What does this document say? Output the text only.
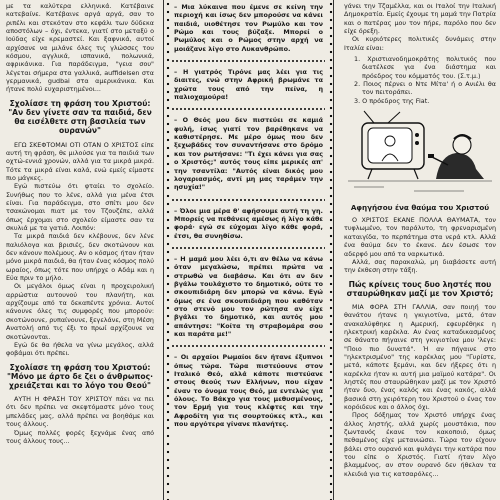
με τα καλύτερα ελληνικά. Κατέβαινε κατεβαίνε. Κατέβαινε αργά αργά, σαν το ριπέλι και στεκόταν στο κεφάλι των δύδεκα αποστόλων – όχι, έντεκα, γιατί στο μεταξύ ο Ιούδας είχε κρεμαστεί. Και ξαφνικά, αυτοί αρχίσανε να μιλάνε όλες τις γλώσσες του κόσμου, αγγλικά, ισπανικά, πολωνικά, αφρικάνικα. Για παράδειγμα, "γεια σου" λέγεται σήμερα στα γαλλικά, auffidelsen στα γερμανικά, gudbai στα αμερικάνικα. Και ήτανε πολύ ευχαριστημένοι...

Σχολίασε τη φράση του Χριστού: "Αν δεν γίνετε σαν τα παιδιά, δεν θα εισέλθετε στη βασιλεία των ουρανών"

ΕΓΩ ΣΚΕΦΤΟΜΑΙ ΟΤΙ ΟΤΑΝ Ο ΧΡΙΣΤΟΣ είπε αυτή τη φράση, θε μιλούσε για τα παιδιά των οχτώ-εννιά χρονών, αλλά για τα μικρά μικρά. Τότε τα μικρά είναι καλά, ενώ εμείς είμαστε πιο μάγκες.

Εγώ πιστεύω ότι φταίει το σχολείο. Συνήθως που το λένε, αλλά για μένα έτσι είναι. Για παράδειγμα, στο σπίτι μου δεν τσακώνομαι πιατ με τον Τζουζέπε, αλλά όπως έρχομαι στο σχολείο είμαστε σαν τα σκυλιά με τα γατιά. Λοιπόν:

Τα μικρά παιδιά δεν κλέβουνε, δεν λένε παλιόλογα και βρισιές, δεν σκοτώνουν και δεν κάνουν πολέμους. Αν ο κόσμος ήταν ήταν μόνο μικρά παιδιά, θα ήταν ένας κόσμος πολύ ωραίος, όπως τότε που υπήρχε ο Αδάμ και η Εύα πριν το μήλο.

Οι μεγάλοι όμως είναι η προχειρολική αρρώστια αυτουνού του πλανήτη, και αρχίζουμε από τα δεκαπέντε χρόνια. Αυτοί κάνουνε όλες τις συμφορές που μπορούν: σκοτώνουνε, ρυπαίνουνε, ξεγελάνε, στη Μέση Ανατολή από τις έξι το πρωί αρχίζουνε να σκοτώνονται.

Εγώ δε θα ήθελα να γίνω μεγάλος, αλλά φοβάμαι ότι πρέπει.

Σχολίασε τη φράση του Χριστού: "Μόνο με άρτο δε ζει ο άνθρωπος· χρειάζεται και το λόγο του Θεού"

ΑΥΤΗ Η ΦΡΑΣΗ ΤΟΥ ΧΡΙΣΤΟΥ πάει να πει ότι δεν πρέπει να σκεφτόμαστε μόνο τους μπελάδες μας, αλλά πρέπει να βοηθάμε και τους άλλους.

Όμως πολλές φορές ξεχνάμε ένας από τους άλλους τους...

– Μια λύκαινα που έμενε σε κείνη την περιοχή και ίσως δεν μπορούσε να κάνει παιδιά, υιοθέτησε τον Ρωμύλο και τον Ρώμο και τους βύζαξε. Μπορεί ο Ρωμύλος και ο Ρώμος στην αρχή να μοιάζανε λίγο στο Λυκανθρώπο.

– Η γιατρός Τιρόνε μας λέει για τις διαιτες, ενώ στην Αφρική βρωμάνε τα χρώτα τους από την πείνα, η παλιοχαμούρα!

– Ο Θεός μου δεν πιστεύει σε καμιά φυλή, ίσως γιατί τον βαρέθηκανε να καθιστέρησε. Με μέρο όμως που δεν ξεχωβάδες τον συναντήσανε στο δρόμο και τον ρωτήσανε: "Τι έχει κάνει για σας ο Χριστός;" αυτός τους είπε μερικές απ' την τσαντίλα: "Αυτός είναι δικός μου λογαριασμός, αντί μη μας ταράμεν την ησυχία!"

– Όλοι μια μέρα θ' αφήσουμε αυτή τη γη. Μπορείς να πεθάνεις αμέσως ή λίγο κάθε φορά· εγώ σε εύχομαι λίγο κάθε φορά, έτσι, θα συνηθίσω.

– Η μαμά μου λέει ό,τι αν θέλω να κάνω όταν μεγαλώσω, πρέπει πρώτα να στρωθώ να διαβάσω. Και ότι αν δεν βγάλω τουλάχιστο το δημοτικό, ούτε το σκουπιδιάρη δεν μπορώ να κάνω. Εγώ όμως σε ένα σκουπιδιάρη που καθόταν στο στενό μου τον ρώτησα αν είχε βγάλει το δημοτικό, και αυτός μου απάντησε: "Κοίτα τη στραβομάρα σου και παράτα με!"

– Οι αρχαίοι Ρωμαίοι δεν ήτανε έξυπνοι όπως τώρα. Τώρα πιστεύουνε στον Ιταλικό Θεό, αλλά κάποτε πιστεύανε στους θεούς των Ελλήνων, που είχαν έναν το όνομα τους Θεό, μα εντελώς για όλους. Το Βάκχο για τους μεθυσμένους, τον Ερμή για τους κλέφτες και την Αφροδίτη για τις σουρτούκες κτλ., και που αργότερα γίνανε πλανήτες.

γάνει την Τζαμέλλα, και οι Ιταλοί την Ιταλική Δημοκρατία. Εμείς έχουμε τη μαμά την Πατρία και ο πατέρας μου τον πήρε, παρόλο που δεν είχε όρεξη.

Οι κυριότερες πολιτικές δυνάμεις στην Ιταλία είναι:

1. Χριστιανοδημοκράτης πολιτικός που διατέλεσε για ένα διάστημα και πρόεδρος του κόμματός του. (Σ.τ.μ.)

2. Ποιος πέρνει ο Ντε Μίτα' ή ο Ανιέλι θα τον πειτοράπει.

3. Ο πρόεδρος της Fiat.

Αφηγήσου ένα θαύμα του Χριστού

Ο ΧΡΙΣΤΟΣ ΕΚΑΝΕ ΠΟΛΛΑ ΘΑΥΜΑΤΑ, τον τυφλωμένο, τον παράλυτο, τη φρεναρισμένη καταιγίδα, το περπάτημα στα νερά κτλ. Αλλά ένα θαύμα δεν το έκανε. Δεν έσωσε τον αδερφό μου από τα ναρκωτικά.

Αλλά, σας παρακαλώ, μη διαβάσετε αυτή την έκθεση στην τάξη.

Πώς κρίνεις τους δυο ληστές που σταυρώθηκαν μαζί με τον Χριστό;

ΜΙΑ ΦΟΡΑ ΣΤΗ ΓΑΛΛΙΑ, σαν ποιηή του θανάτου ήτανε η γκιγιοτίνα, μετά, όταν ανακαλύφθηκε η Αμερική, εφευρέθηκε η ηλεκτρική καρέκλα. Αν ένας καταδικασμένος σε θάνατο πήγαινε στη γκιγιοτίνα μου 'λεγε: "Ποιο πιο δυνατά". Ή αν πήγαινε στο "ηλεκτρισμένο" της καρέκλας μου "Γυρίστε, μετά, κάποτε ξεμάνι, και δεν ήξερες ότι η καρέκλα ήταν κι αυτή μια μαϊμού κατάρα". Οι ληστές που σταυρώθηκαν μαζί με τον Χριστό ήταν δυο, ένας καλός και ένας κακός, αλλά βασικά στη χειρότερη του Χριστού ο ένας τον κορόιδευε και ο άλλος όχι.

Προς δόξημας τον Χριστό υπήρχε ένας άλλος ληστής, αλλά χωρίς μουστάκια, που ζωντανός έκανε τον κακοποιό, όμως πεθαμένος είχε μετανιώσει. Τώρα τον είχουν βάλει στο ουρανό και φυλάγει την κατάρα που του είπε ο Χριστός. Γιατί ήταν λίγο βλαμμένος, αν στον ουρανό δεν ήθελαν τα κλειδιά για τις κατσαρόλες...
